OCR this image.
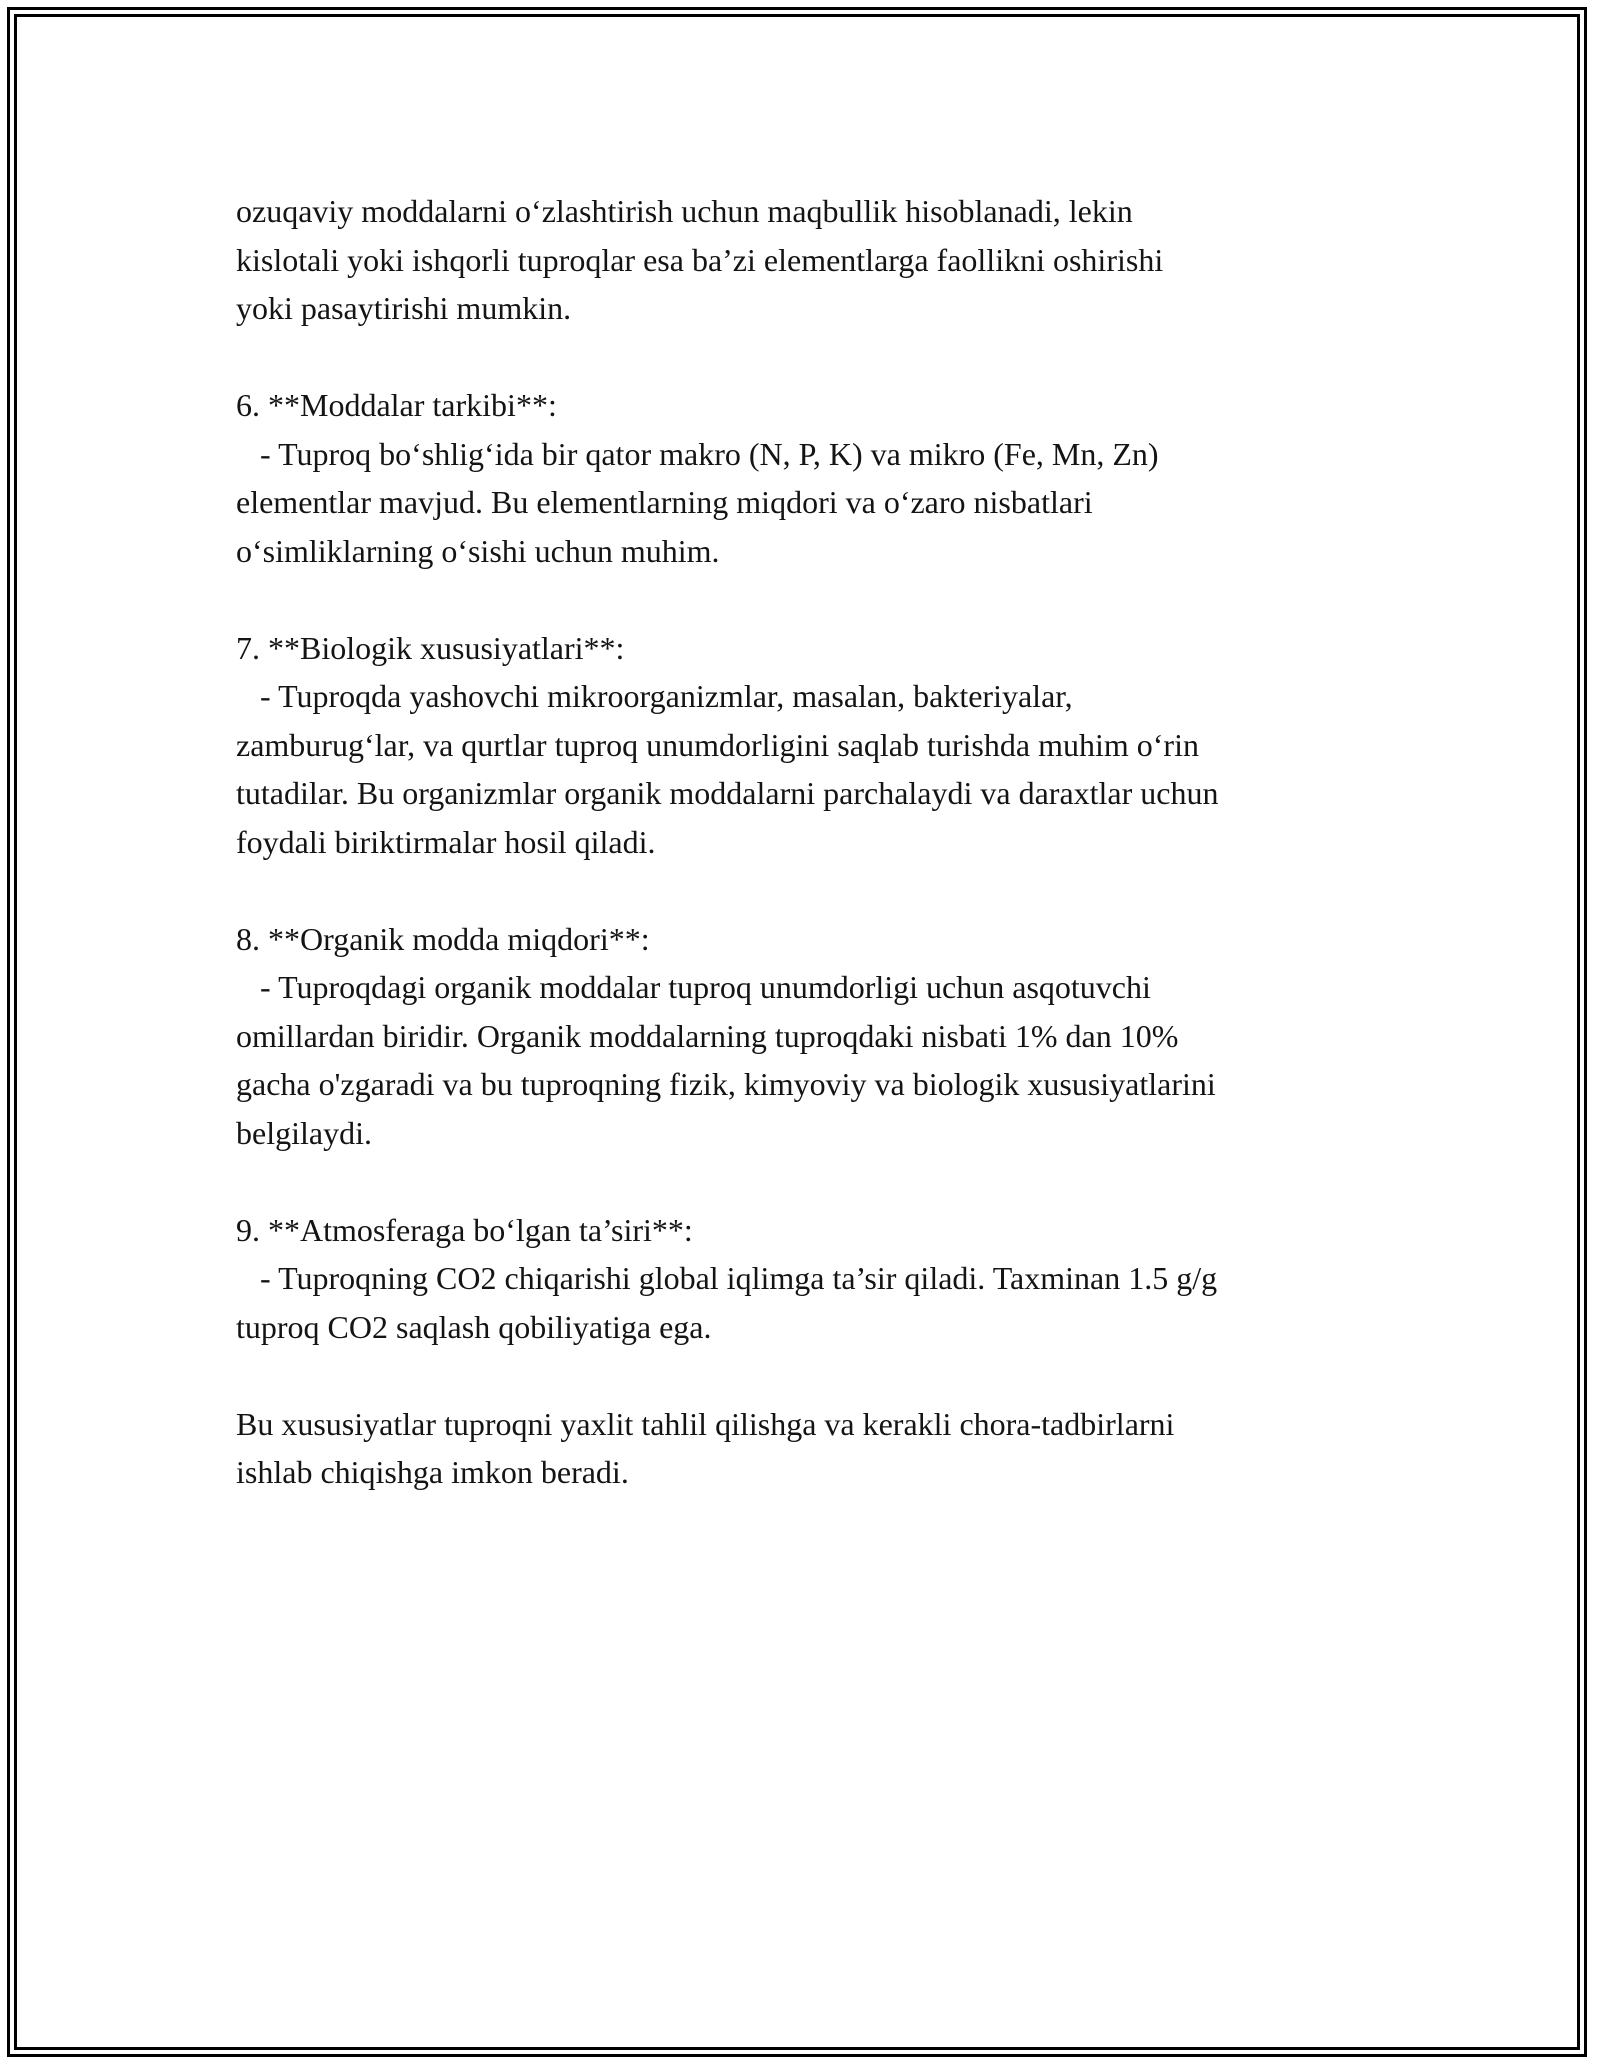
ozuqaviy moddalarni o‘zlashtirish uchun maqbullik hisoblanadi, lekin
kislotali yoki ishqorli tuproqlar esa ba’zi elementlarga faollikni oshirishi
yoki pasaytirishi mumkin.
6. **Moddalar tarkibi**:
- Tuproq bo‘shlig‘ida bir qator makro (N, P, K) va mikro (Fe, Mn, Zn)
elementlar mavjud. Bu elementlarning miqdori va o‘zaro nisbatlari
o‘simliklarning o‘sishi uchun muhim.
7. **Biologik xususiyatlari**:
- Tuproqda yashovchi mikroorganizmlar, masalan, bakteriyalar,
zamburug‘lar, va qurtlar tuproq unumdorligini saqlab turishda muhim o‘rin
tutadilar. Bu organizmlar organik moddalarni parchalaydi va daraxtlar uchun
foydali biriktirmalar hosil qiladi.
8. **Organik modda miqdori**:
- Tuproqdagi organik moddalar tuproq unumdorligi uchun asqotuvchi
omillardan biridir. Organik moddalarning tuproqdaki nisbati 1% dan 10%
gacha o'zgaradi va bu tuproqning fizik, kimyoviy va biologik xususiyatlarini
belgilaydi.
9. **Atmosferaga bo‘lgan ta’siri**:
- Tuproqning CO2 chiqarishi global iqlimga ta’sir qiladi. Taxminan 1.5 g/g
tuproq CO2 saqlash qobiliyatiga ega.
Bu xususiyatlar tuproqni yaxlit tahlil qilishga va kerakli chora-tadbirlarni
ishlab chiqishga imkon beradi.
